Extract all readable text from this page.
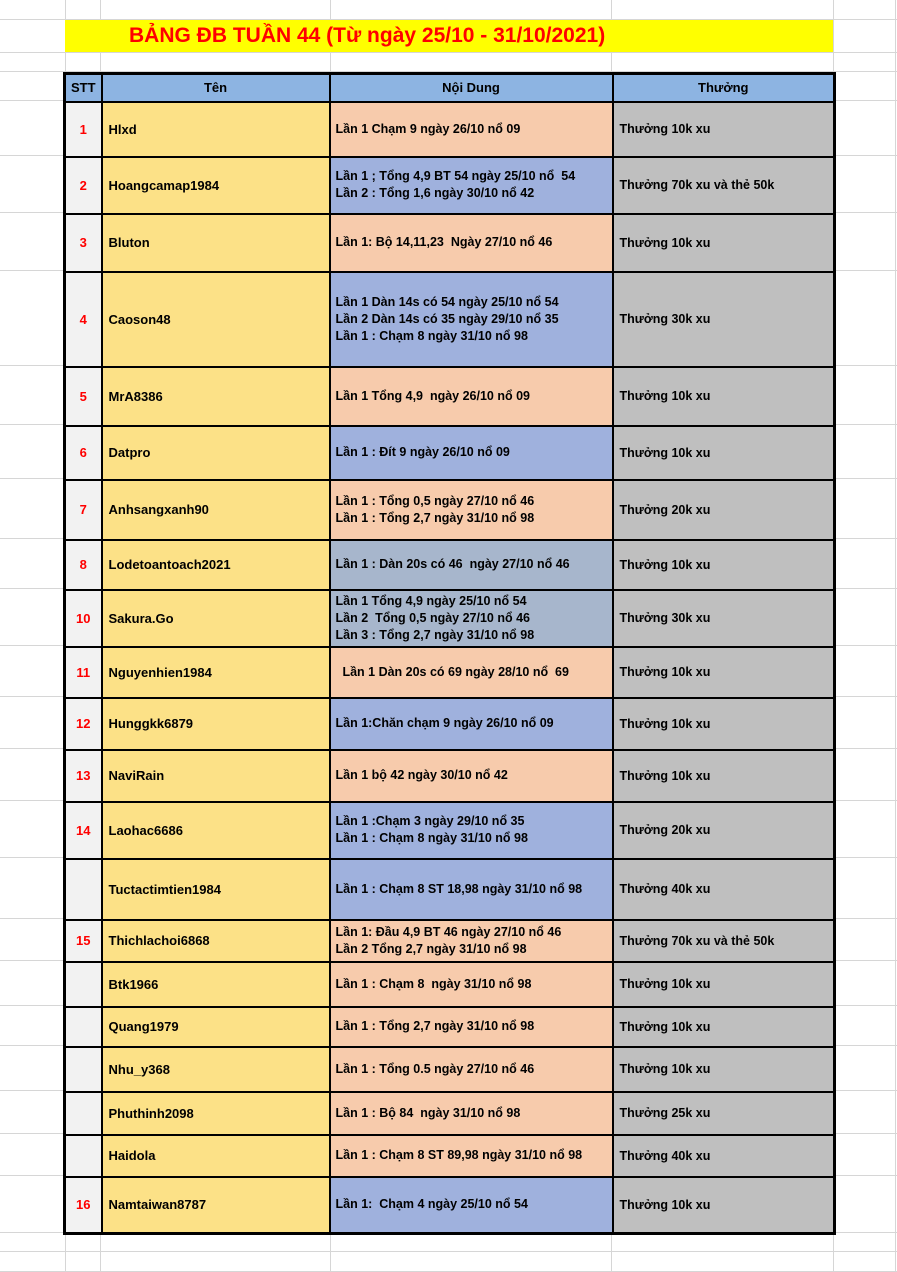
BẢNG ĐB TUẦN 44 (Từ ngày 25/10 - 31/10/2021)
STT	Tên	Nội Dung	Thưởng
1	Hlxd	Lần 1 Chạm 9 ngày 26/10 nổ 09	Thưởng 10k xu
2	Hoangcamap1984	Lần 1 ; Tổng 4,9 BT 54 ngày 25/10 nổ  54
Lần 2 : Tổng 1,6 ngày 30/10 nổ 42	Thưởng 70k xu và thẻ 50k
3	Bluton	Lần 1: Bộ 14,11,23  Ngày 27/10 nổ 46	Thưởng 10k xu
4	Caoson48	Lần 1 Dàn 14s có 54 ngày 25/10 nổ 54
Lần 2 Dàn 14s có 35 ngày 29/10 nổ 35
Lần 1 : Chạm 8 ngày 31/10 nổ 98	Thưởng 30k xu
5	MrA8386	Lần 1 Tổng 4,9  ngày 26/10 nổ 09	Thưởng 10k xu
6	Datpro	Lần 1 : Đít 9 ngày 26/10 nổ 09	Thưởng 10k xu
7	Anhsangxanh90	Lần 1 : Tổng 0,5 ngày 27/10 nổ 46
Lần 1 : Tổng 2,7 ngày 31/10 nổ 98	Thưởng 20k xu
8	Lodetoantoach2021	Lần 1 : Dàn 20s có 46  ngày 27/10 nổ 46	Thưởng 10k xu
10	Sakura.Go	Lần 1 Tổng 4,9 ngày 25/10 nổ 54
Lần 2  Tổng 0,5 ngày 27/10 nổ 46
Lần 3 : Tổng 2,7 ngày 31/10 nổ 98	Thưởng 30k xu
11	Nguyenhien1984	Lần 1 Dàn 20s có 69 ngày 28/10 nổ  69	Thưởng 10k xu
12	Hunggkk6879	Lần 1:Chăn chạm 9 ngày 26/10 nổ 09	Thưởng 10k xu
13	NaviRain	Lần 1 bộ 42 ngày 30/10 nổ 42	Thưởng 10k xu
14	Laohac6686	Lần 1 :Chạm 3 ngày 29/10 nổ 35
Lần 1 : Chạm 8 ngày 31/10 nổ 98	Thưởng 20k xu
	Tuctactimtien1984	Lần 1 : Chạm 8 ST 18,98 ngày 31/10 nổ 98	Thưởng 40k xu
15	Thichlachoi6868	Lần 1: Đầu 4,9 BT 46 ngày 27/10 nổ 46
Lần 2 Tổng 2,7 ngày 31/10 nổ 98	Thưởng 70k xu và thẻ 50k
	Btk1966	Lần 1 : Chạm 8  ngày 31/10 nổ 98	Thưởng 10k xu
	Quang1979	Lần 1 : Tổng 2,7 ngày 31/10 nổ 98	Thưởng 10k xu
	Nhu_y368	Lần 1 : Tổng 0.5 ngày 27/10 nổ 46	Thưởng 10k xu
	Phuthinh2098	Lần 1 : Bộ 84  ngày 31/10 nổ 98	Thưởng 25k xu
	Haidola	Lần 1 : Chạm 8 ST 89,98 ngày 31/10 nổ 98	Thưởng 40k xu
16	Namtaiwan8787	Lần 1:  Chạm 4 ngày 25/10 nổ 54	Thưởng 10k xu
